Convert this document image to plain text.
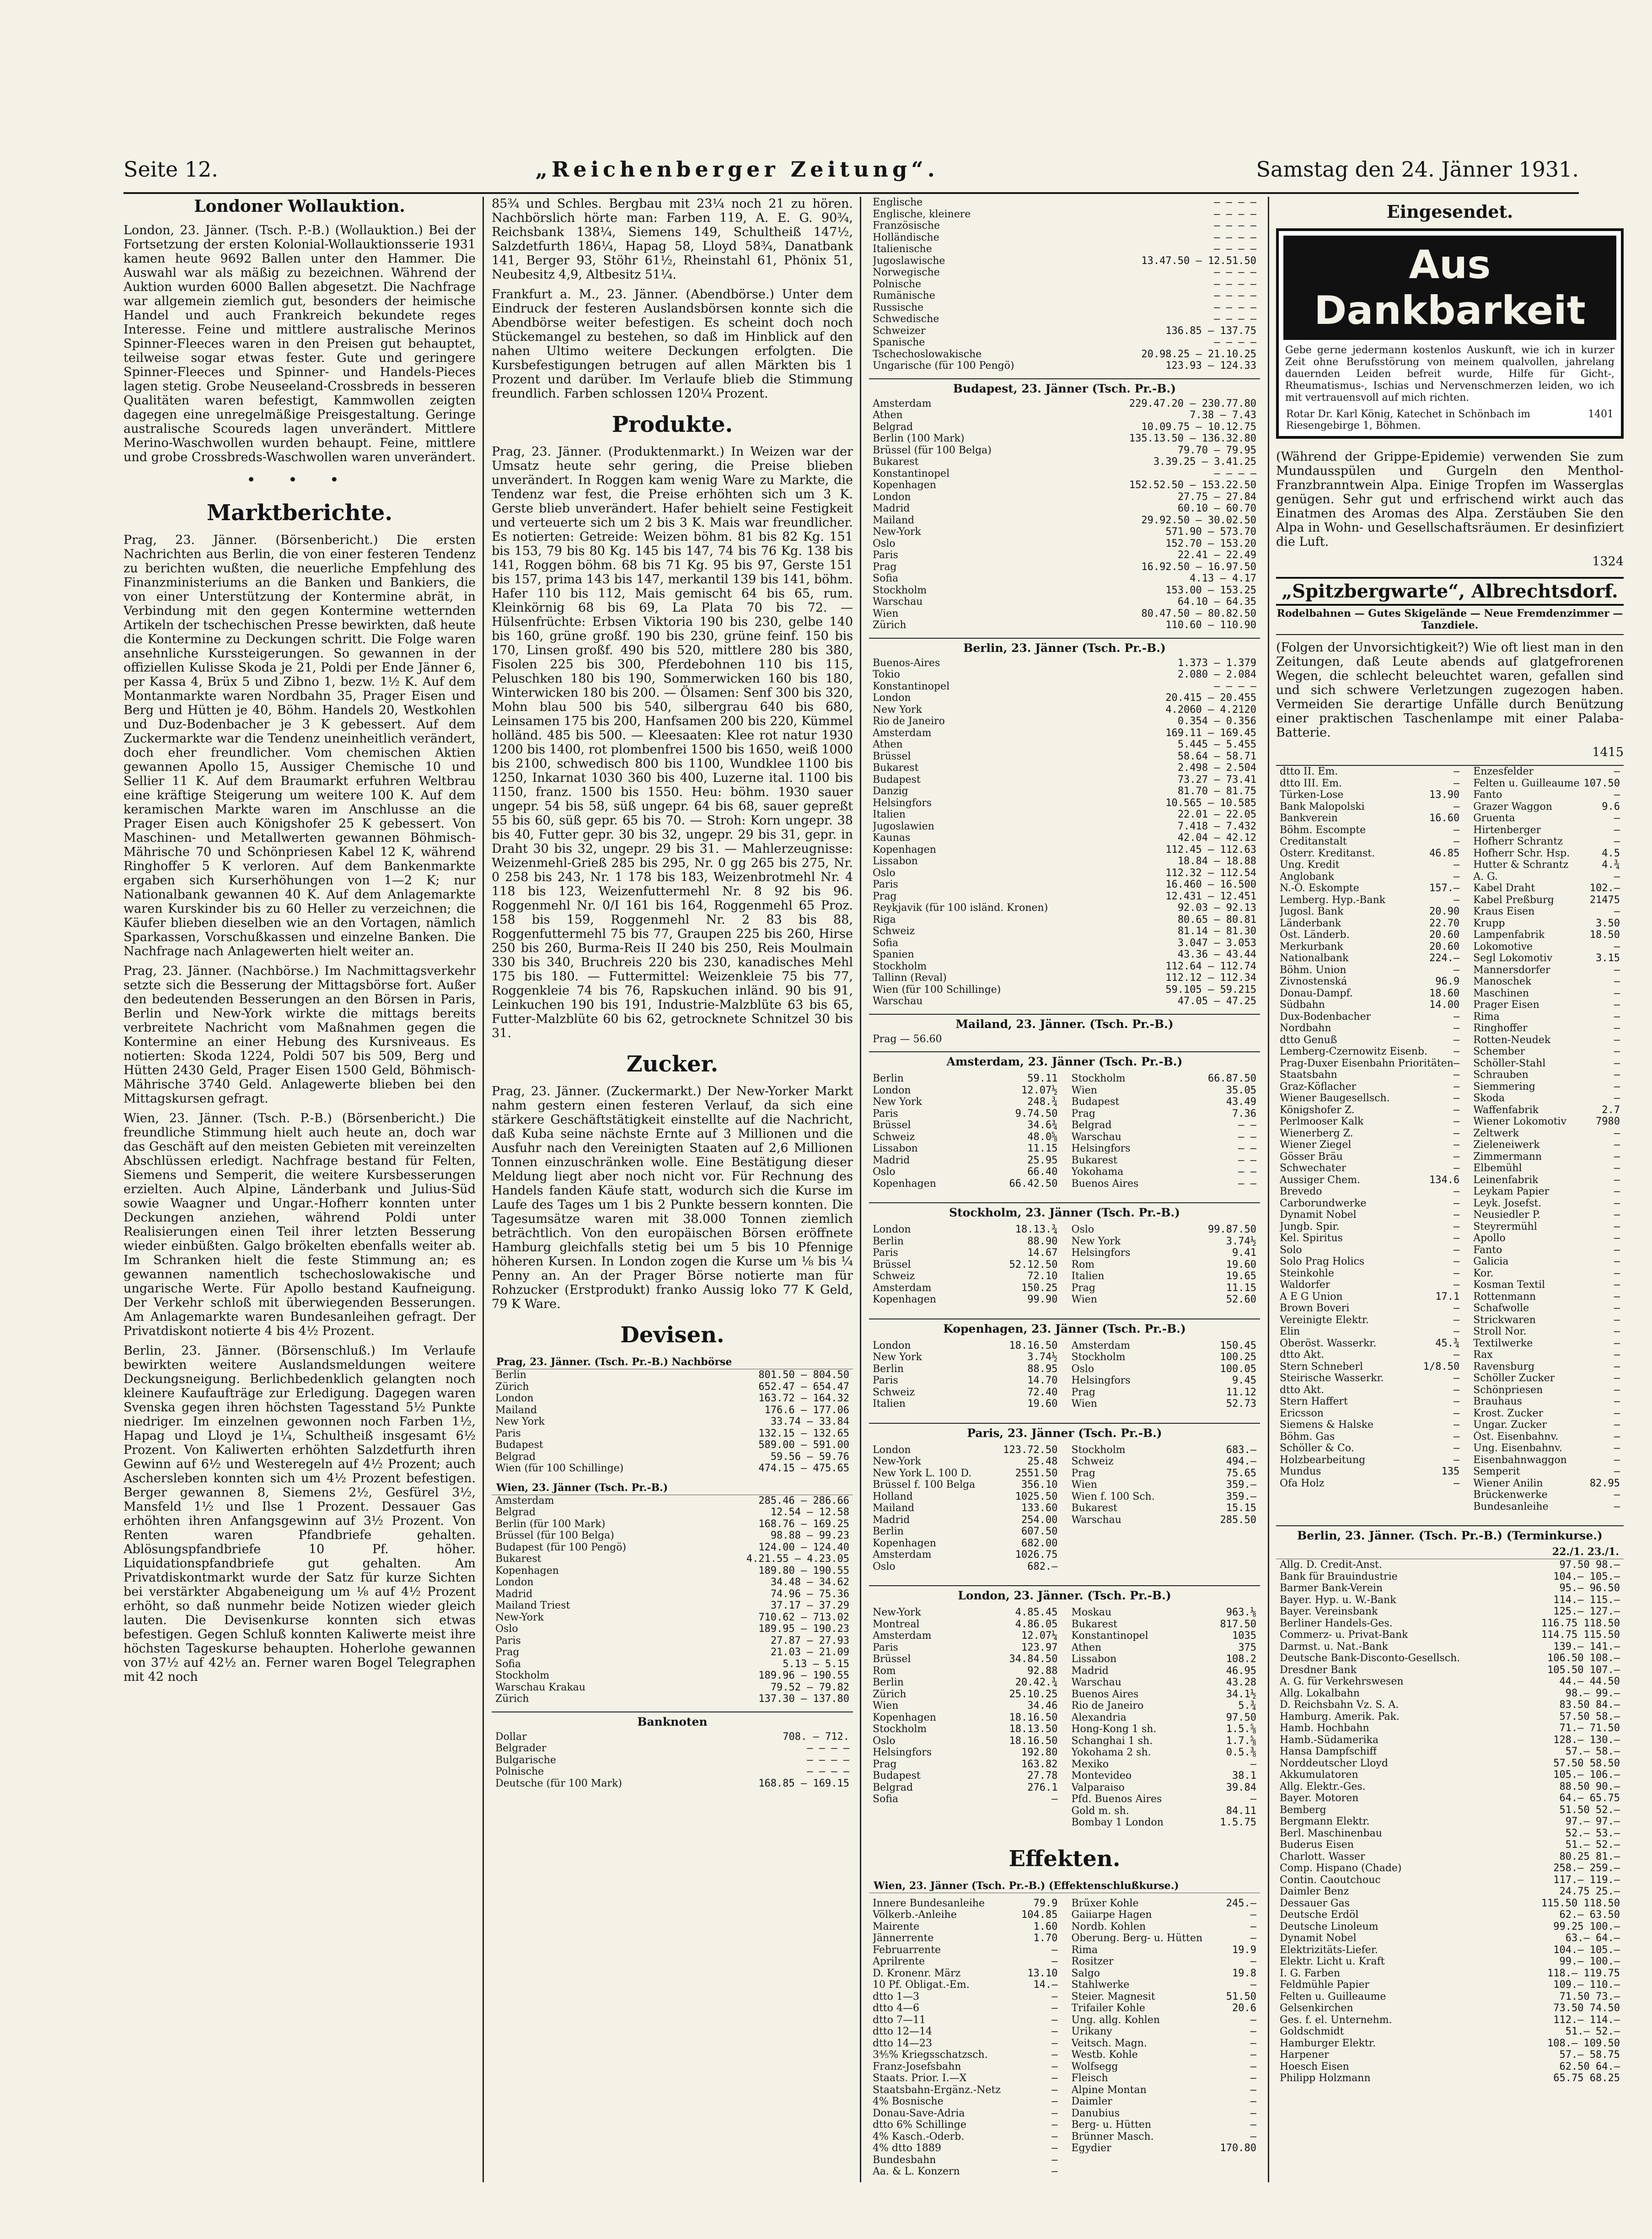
Seite 12.	„Reichenberger Zeitung“.	Samstag den 24. Jänner 1931.
Londoner Wollauktion.

London, 23. Jänner. (Tsch. P.-B.) (Wollauktion.) Bei der Fortsetzung der ersten Kolonial-Wollauktionsserie 1931 kamen heute 9692 Ballen unter den Hammer. Die Auswahl war als mäßig zu bezeichnen. Während der Auktion wurden 6000 Ballen abgesetzt. Die Nachfrage war allgemein ziemlich gut, besonders der heimische Handel und auch Frankreich bekundete reges Interesse. Feine und mittlere australische Merinos Spinner-Fleeces waren in den Preisen gut behauptet, teilweise sogar etwas fester. Gute und geringere Spinner-Fleeces und Spinner- und Handels-Pieces lagen stetig. Grobe Neuseeland-Crossbreds in besseren Qualitäten waren befestigt, Kammwollen zeigten dagegen eine unregelmäßige Preisgestaltung. Geringe australische Scoureds lagen unverändert. Mittlere Merino-Waschwollen wurden behaupt. Feine, mittlere und grobe Crossbreds-Waschwollen waren unverändert.

• • •
Marktberichte.

Prag, 23. Jänner. (Börsenbericht.) Die ersten Nachrichten aus Berlin, die von einer festeren Tendenz zu berichten wußten, die neuerliche Empfehlung des Finanzministeriums an die Banken und Bankiers, die von einer Unterstützung der Kontermine abrät, in Verbindung mit den gegen Kontermine wetternden Artikeln der tschechischen Presse bewirkten, daß heute die Kontermine zu Deckungen schritt. Die Folge waren ansehnliche Kurssteigerungen. So gewannen in der offiziellen Kulisse Skoda je 21, Poldi per Ende Jänner 6, per Kassa 4, Brüx 5 und Zibno 1, bezw. 1½ K. Auf dem Montanmarkte waren Nordbahn 35, Prager Eisen und Berg und Hütten je 40, Böhm. Handels 20, Westkohlen und Duz-Bodenbacher je 3 K gebessert. Auf dem Zuckermarkte war die Tendenz uneinheitlich verändert, doch eher freundlicher. Vom chemischen Aktien gewannen Apollo 15, Aussiger Chemische 10 und Sellier 11 K. Auf dem Braumarkt erfuhren Weltbrau eine kräftige Steigerung um weitere 100 K. Auf dem keramischen Markte waren im Anschlusse an die Prager Eisen auch Königshofer 25 K gebessert. Von Maschinen- und Metallwerten gewannen Böhmisch-Mährische 70 und Schönpriesen Kabel 12 K, während Ringhoffer 5 K verloren. Auf dem Bankenmarkte ergaben sich Kurserhöhungen von 1—2 K; nur Nationalbank gewannen 40 K. Auf dem Anlagemarkte waren Kurskinder bis zu 60 Heller zu verzeichnen; die Käufer blieben dieselben wie an den Vortagen, nämlich Sparkassen, Vorschußkassen und einzelne Banken. Die Nachfrage nach Anlagewerten hielt weiter an.

Prag, 23. Jänner. (Nachbörse.) Im Nachmittagsverkehr setzte sich die Besserung der Mittagsbörse fort. Außer den bedeutenden Besserungen an den Börsen in Paris, Berlin und New-York wirkte die mittags bereits verbreitete Nachricht vom Maßnahmen gegen die Kontermine an einer Hebung des Kursniveaus. Es notierten: Skoda 1224, Poldi 507 bis 509, Berg und Hütten 2430 Geld, Prager Eisen 1500 Geld, Böhmisch-Mährische 3740 Geld. Anlagewerte blieben bei den Mittagskursen gefragt.

Wien, 23. Jänner. (Tsch. P.-B.) (Börsenbericht.) Die freundliche Stimmung hielt auch heute an, doch war das Geschäft auf den meisten Gebieten mit vereinzelten Abschlüssen erledigt. Nachfrage bestand für Felten, Siemens und Semperit, die weitere Kursbesserungen erzielten. Auch Alpine, Länderbank und Julius-Süd sowie Waagner und Ungar.-Hofherr konnten unter Deckungen anziehen, während Poldi unter Realisierungen einen Teil ihrer letzten Besserung wieder einbüßten. Galgo brökelten ebenfalls weiter ab. Im Schranken hielt die feste Stimmung an; es gewannen namentlich tschechoslowakische und ungarische Werte. Für Apollo bestand Kaufneigung. Der Verkehr schloß mit überwiegenden Besserungen. Am Anlagemarkte waren Bundesanleihen gefragt. Der Privatdiskont notierte 4 bis 4½ Prozent.

Berlin, 23. Jänner. (Börsenschluß.) Im Verlaufe bewirkten weitere Auslandsmeldungen weitere Deckungsneigung. Berlichbedenklich gelangten noch kleinere Kaufaufträge zur Erledigung. Dagegen waren Svenska gegen ihren höchsten Tagesstand 5½ Punkte niedriger. Im einzelnen gewonnen noch Farben 1½, Hapag und Lloyd je 1¼, Schultheiß insgesamt 6½ Prozent. Von Kaliwerten erhöhten Salzdetfurth ihren Gewinn auf 6½ und Westeregeln auf 4½ Prozent; auch Aschersleben konnten sich um 4½ Prozent befestigen. Berger gewannen 8, Siemens 2½, Gesfürel 3½, Mansfeld 1½ und Ilse 1 Prozent. Dessauer Gas erhöhten ihren Anfangsgewinn auf 3½ Prozent. Von Renten waren Pfandbriefe gehalten. Ablösungspfandbriefe 10 Pf. höher. Liquidationspfandbriefe gut gehalten. Am Privatdiskontmarkt wurde der Satz für kurze Sichten bei verstärkter Abgabeneigung um ⅛ auf 4½ Prozent erhöht, so daß nunmehr beide Notizen wieder gleich lauten. Die Devisenkurse konnten sich etwas befestigen. Gegen Schluß konnten Kaliwerte meist ihre höchsten Tageskurse behaupten. Hoherlohe gewannen von 37½ auf 42½ an. Ferner waren Bogel Telegraphen mit 42 noch

85¾ und Schles. Bergbau mit 23¼ noch 21 zu hören. Nachbörslich hörte man: Farben 119, A. E. G. 90¾, Reichsbank 138¼, Siemens 149, Schultheiß 147½, Salzdetfurth 186¼, Hapag 58, Lloyd 58¾, Danatbank 141, Berger 93, Stöhr 61½, Rheinstahl 61, Phönix 51, Neubesitz 4,9, Altbesitz 51¼.

Frankfurt a. M., 23. Jänner. (Abendbörse.) Unter dem Eindruck der festeren Auslandsbörsen konnte sich die Abendbörse weiter befestigen. Es scheint doch noch Stückemangel zu bestehen, so daß im Hinblick auf den nahen Ultimo weitere Deckungen erfolgten. Die Kursbefestigungen betrugen auf allen Märkten bis 1 Prozent und darüber. Im Verlaufe blieb die Stimmung freundlich. Farben schlossen 120¼ Prozent.

Produkte.

Prag, 23. Jänner. (Produktenmarkt.) In Weizen war der Umsatz heute sehr gering, die Preise blieben unverändert. In Roggen kam wenig Ware zu Markte, die Tendenz war fest, die Preise erhöhten sich um 3 K. Gerste blieb unverändert. Hafer behielt seine Festigkeit und verteuerte sich um 2 bis 3 K. Mais war freundlicher. Es notierten: Getreide: Weizen böhm. 81 bis 82 Kg. 151 bis 153, 79 bis 80 Kg. 145 bis 147, 74 bis 76 Kg. 138 bis 141, Roggen böhm. 68 bis 71 Kg. 95 bis 97, Gerste 151 bis 157, prima 143 bis 147, merkantil 139 bis 141, böhm. Hafer 110 bis 112, Mais gemischt 64 bis 65, rum. Kleinkörnig 68 bis 69, La Plata 70 bis 72. — Hülsenfrüchte: Erbsen Viktoria 190 bis 230, gelbe 140 bis 160, grüne großf. 190 bis 230, grüne feinf. 150 bis 170, Linsen großf. 490 bis 520, mittlere 280 bis 380, Fisolen 225 bis 300, Pferdebohnen 110 bis 115, Peluschken 180 bis 190, Sommerwicken 160 bis 180, Winterwicken 180 bis 200. — Ölsamen: Senf 300 bis 320, Mohn blau 500 bis 540, silbergrau 640 bis 680, Leinsamen 175 bis 200, Hanfsamen 200 bis 220, Kümmel holländ. 485 bis 500. — Kleesaaten: Klee rot natur 1930 1200 bis 1400, rot plombenfrei 1500 bis 1650, weiß 1000 bis 2100, schwedisch 800 bis 1100, Wundklee 1100 bis 1250, Inkarnat 1030 360 bis 400, Luzerne ital. 1100 bis 1150, franz. 1500 bis 1550. Heu: böhm. 1930 sauer ungepr. 54 bis 58, süß ungepr. 64 bis 68, sauer gepreßt 55 bis 60, süß gepr. 65 bis 70. — Stroh: Korn ungepr. 38 bis 40, Futter gepr. 30 bis 32, ungepr. 29 bis 31, gepr. in Draht 30 bis 32, ungepr. 29 bis 31. — Mahlerzeugnisse: Weizenmehl-Grieß 285 bis 295, Nr. 0 gg 265 bis 275, Nr. 0 258 bis 243, Nr. 1 178 bis 183, Weizenbrotmehl Nr. 4 118 bis 123, Weizenfuttermehl Nr. 8 92 bis 96. Roggenmehl Nr. 0/I 161 bis 164, Roggenmehl 65 Proz. 158 bis 159, Roggenmehl Nr. 2 83 bis 88, Roggenfuttermehl 75 bis 77, Graupen 225 bis 260, Hirse 250 bis 260, Burma-Reis II 240 bis 250, Reis Moulmain 330 bis 340, Bruchreis 220 bis 230, kanadisches Mehl 175 bis 180. — Futtermittel: Weizenkleie 75 bis 77, Roggenkleie 74 bis 76, Rapskuchen inländ. 90 bis 91, Leinkuchen 190 bis 191, Industrie-Malzblüte 63 bis 65, Futter-Malzblüte 60 bis 62, getrocknete Schnitzel 30 bis 31.

Zucker.

Prag, 23. Jänner. (Zuckermarkt.) Der New-Yorker Markt nahm gestern einen festeren Verlauf, da sich eine stärkere Geschäftstätigkeit einstellte auf die Nachricht, daß Kuba seine nächste Ernte auf 3 Millionen und die Ausfuhr nach den Vereinigten Staaten auf 2,6 Millionen Tonnen einzuschränken wolle. Eine Bestätigung dieser Meldung liegt aber noch nicht vor. Für Rechnung des Handels fanden Käufe statt, wodurch sich die Kurse im Laufe des Tages um 1 bis 2 Punkte bessern konnten. Die Tagesumsätze waren mit 38.000 Tonnen ziemlich beträchtlich. Von den europäischen Börsen eröffnete Hamburg gleichfalls stetig bei um 5 bis 10 Pfennige höheren Kursen. In London zogen die Kurse um ⅛ bis ¼ Penny an. An der Prager Börse notierte man für Rohzucker (Erstprodukt) franko Aussig loko 77 K Geld, 79 K Ware.

Devisen.
Prag, 23. Jänner. (Tsch. Pr.-B.) Nachbörse
Berlin	801.50 — 804.50
Zürich	652.47 — 654.47
London	163.72 — 164.32
Mailand	176.6 — 177.06
New York	33.74 — 33.84
Paris	132.15 — 132.65
Budapest	589.00 — 591.00
Belgrad	59.56 — 59.76
Wien (für 100 Schillinge)	474.15 — 475.65
Wien, 23. Jänner (Tsch. Pr.-B.)
Amsterdam	285.46 — 286.66
Belgrad	12.54 — 12.58
Berlin (für 100 Mark)	168.76 — 169.25
Brüssel (für 100 Belga)	98.88 — 99.23
Budapest (für 100 Pengö)	124.00 — 124.40
Bukarest	4.21.55 — 4.23.05
Kopenhagen	189.80 — 190.55
London	34.48 — 34.62
Madrid	74.96 — 75.36
Mailand Triest	37.17 — 37.29
New-York	710.62 — 713.02
Oslo	189.95 — 190.23
Paris	27.87 — 27.93
Prag	21.03 — 21.09
Sofia	5.13 — 5.15
Stockholm	189.96 — 190.55
Warschau Krakau	79.52 — 79.82
Zürich	137.30 — 137.80
Banknoten
Dollar	708. — 712.
Belgrader	— — — —
Bulgarische	— — — —
Polnische	— — — —
Deutsche (für 100 Mark)	168.85 — 169.15
Englische	— — — —
Englische, kleinere	— — — —
Französische	— — — —
Holländische	— — — —
Italienische	— — — —
Jugoslawische	13.47.50 — 12.51.50
Norwegische	— — — —
Polnische	— — — —
Rumänische	— — — —
Russische	— — — —
Schwedische	— — — —
Schweizer	136.85 — 137.75
Spanische	— — — —
Tschechoslowakische	20.98.25 — 21.10.25
Ungarische (für 100 Pengö)	123.93 — 124.33
Budapest, 23. Jänner (Tsch. Pr.-B.)
Amsterdam	229.47.20 — 230.77.80
Athen	7.38 — 7.43
Belgrad	10.09.75 — 10.12.75
Berlin (100 Mark)	135.13.50 — 136.32.80
Brüssel (für 100 Belga)	79.70 — 79.95
Bukarest	3.39.25 — 3.41.25
Konstantinopel	— — — —
Kopenhagen	152.52.50 — 153.22.50
London	27.75 — 27.84
Madrid	60.10 — 60.70
Mailand	29.92.50 — 30.02.50
New-York	571.90 — 573.70
Oslo	152.70 — 153.20
Paris	22.41 — 22.49
Prag	16.92.50 — 16.97.50
Sofia	4.13 — 4.17
Stockholm	153.00 — 153.25
Warschau	64.10 — 64.35
Wien	80.47.50 — 80.82.50
Zürich	110.60 — 110.90
Berlin, 23. Jänner (Tsch. Pr.-B.)
Buenos-Aires	1.373 — 1.379
Tokio	2.080 — 2.084
Konstantinopel	— — — —
London	20.415 — 20.455
New York	4.2060 — 4.2120
Rio de Janeiro	0.354 — 0.356
Amsterdam	169.11 — 169.45
Athen	5.445 — 5.455
Brüssel	58.64 — 58.71
Bukarest	2.498 — 2.504
Budapest	73.27 — 73.41
Danzig	81.70 — 81.75
Helsingfors	10.565 — 10.585
Italien	22.01 — 22.05
Jugoslawien	7.418 — 7.432
Kaunas	42.04 — 42.12
Kopenhagen	112.45 — 112.63
Lissabon	18.84 — 18.88
Oslo	112.32 — 112.54
Paris	16.460 — 16.500
Prag	12.431 — 12.451
Reykjavik (für 100 isländ. Kronen)	92.03 — 92.13
Riga	80.65 — 80.81
Schweiz	81.14 — 81.30
Sofia	3.047 — 3.053
Spanien	43.36 — 43.44
Stockholm	112.64 — 112.74
Tallinn (Reval)	112.12 — 112.34
Wien (für 100 Schillinge)	59.105 — 59.215
Warschau	47.05 — 47.25
Mailand, 23. Jänner. (Tsch. Pr.-B.)
Prag — 56.60
Amsterdam, 23. Jänner (Tsch. Pr.-B.)
Berlin	59.11
London	12.07½
New York	248.¾
Paris	9.74.50
Brüssel	34.6¾
Schweiz	48.0⅝
Lissabon	11.15
Madrid	25.95
Oslo	66.40
Kopenhagen	66.42.50
Stockholm	66.87.50
Wien	35.05
Budapest	43.49
Prag	7.36
Belgrad	— —
Warschau	— —
Helsingfors	— —
Bukarest	— —
Yokohama	— —
Buenos Aires	— —
Stockholm, 23. Jänner (Tsch. Pr.-B.)
London	18.13.¾
Berlin	88.90
Paris	14.67
Brüssel	52.12.50
Schweiz	72.10
Amsterdam	150.25
Kopenhagen	99.90
Oslo	99.87.50
New York	3.74½
Helsingfors	9.41
Rom	19.60
Italien	19.65
Prag	11.15
Wien	52.60
Kopenhagen, 23. Jänner (Tsch. Pr.-B.)
London	18.16.50
New York	3.74½
Berlin	88.95
Paris	14.70
Schweiz	72.40
Italien	19.60
Amsterdam	150.45
Stockholm	100.25
Oslo	100.05
Helsingfors	9.45
Prag	11.12
Wien	52.73
Paris, 23. Jänner (Tsch. Pr.-B.)
London	123.72.50
New-York	25.48
New York L. 100 D.	2551.50
Brüssel f. 100 Belga	356.10
Holland	1025.50
Mailand	133.60
Madrid	254.00
Berlin	607.50
Kopenhagen	682.00
Amsterdam	1026.75
Oslo	682.—
Stockholm	683.—
Schweiz	494.—
Prag	75.65
Wien	359.—
Wien f. 100 Sch.	359.—
Bukarest	15.15
Warschau	285.50
London, 23. Jänner. (Tsch. Pr.-B.)
New-York	4.85.45
Montreal	4.86.05
Amsterdam	12.07¼
Paris	123.97
Brüssel	34.84.50
Rom	92.88
Berlin	20.42.¾
Zürich	25.10.25
Wien	34.46
Kopenhagen	18.16.50
Stockholm	18.13.50
Oslo	18.16.50
Helsingfors	192.80
Prag	163.82
Budapest	27.78
Belgrad	276.1
Sofia	—
Moskau	963.⅛
Bukarest	817.50
Konstantinopel	1035
Athen	375
Lissabon	108.2
Madrid	46.95
Warschau	43.28
Buenos Aires	34.1½
Rio de Janeiro	5.¾
Alexandria	97.50
Hong-Kong 1 sh.	1.5.⅝
Schanghai 1 sh.	1.7.⅝
Yokohama 2 sh.	0.5.⅜
Mexiko	—
Montevideo	38.1
Valparaiso	39.84
Pfd. Buenos Aires	—
Gold m. sh.	84.11
Bombay 1 London	1.5.75
Effekten.
Wien, 23. Jänner (Tsch. Pr.-B.) (Effektenschlußkurse.)
Innere Bundesanleihe	79.9
Völkerb.-Anleihe	104.85
Mairente	1.60
Jännerrente	1.70
Februarrente	—
Aprilrente	—
D. Kronenr. März	13.10
10 Pf. Obligat.-Em.	14.—
dtto 1—3	—
dtto 4—6	—
dtto 7—11	—
dtto 12—14	—
dtto 14—23	—
3⅘% Kriegsschatzsch.	—
Franz-Josefsbahn	—
Staats. Prior. I.—X	—
Staatsbahn-Ergänz.-Netz	—
4% Bosnische	—
Donau-Save-Adria	—
dtto 6% Schillinge	—
4% Kasch.-Oderb.	—
4% dtto 1889	—
Bundesbahn	—
Aa. & L. Konzern	—
Brüxer Kohle	245.—
Gaiiarpe Hagen	—
Nordb. Kohlen	—
Oberung. Berg- u. Hütten	—
Rima	19.9
Rositzer	—
Salgo	19.8
Stahlwerke	—
Steier. Magnesit	51.50
Trifailer Kohle	20.6
Ung. allg. Kohlen	—
Urikany	—
Veitsch. Magn.	—
Westb. Kohle	—
Wolfsegg	—
Fleisch	—
Alpine Montan	—
Daimler	—
Danubius	—
Berg- u. Hütten	—
Brünner Masch.	—
Egydier	170.80
Eingesendet.
Aus Dankbarkeit

Gebe gerne jedermann kostenlos Auskunft, wie ich in kurzer Zeit ohne Berufsstörung von meinem qualvollen, jahrelang dauernden Leiden befreit wurde, Hilfe für Gicht-, Rheumatismus-, Ischias und Nervenschmerzen leiden, wo ich mit vertrauensvoll auf mich richten.

Rotar Dr. Karl König, Katechet in Schönbach im Riesengebirge 1, Böhmen.
1401

(Während der Grippe-Epidemie) verwenden Sie zum Mundausspülen und Gurgeln den Menthol-Franzbranntwein Alpa. Einige Tropfen im Wasserglas genügen. Sehr gut und erfrischend wirkt auch das Einatmen des Aromas des Alpa. Zerstäuben Sie den Alpa in Wohn- und Gesellschaftsräumen. Er desinfiziert die Luft.

1324

„Spitzbergwarte“, Albrechtsdorf.
Rodelbahnen — Gutes Skigelände — Neue Fremdenzimmer — Tanzdiele.

(Folgen der Unvorsichtigkeit?) Wie oft liest man in den Zeitungen, daß Leute abends auf glatgefrorenen Wegen, die schlecht beleuchtet waren, gefallen sind und sich schwere Verletzungen zugezogen haben. Vermeiden Sie derartige Unfälle durch Benützung einer praktischen Taschenlampe mit einer Palaba-Batterie.

1415

dtto II. Em.	—
dtto III. Em.	—
Türken-Lose	13.90
Bank Malopolski	—
Bankverein	16.60
Böhm. Escompte	—
Creditanstalt	—
Österr. Kreditanst.	46.85
Ung. Kredit	—
Anglobank	—
N.-Ö. Eskompte	157.—
Lemberg. Hyp.-Bank	—
Jugosl. Bank	20.90
Länderbank	22.70
Öst. Länderb.	20.60
Merkurbank	20.60
Nationalbank	224.—
Böhm. Union	—
Zivnostenská	96.9
Donau-Dampf.	18.60
Südbahn	14.00
Dux-Bodenbacher	—
Nordbahn	—
dtto Genuß	—
Lemberg-Czernowitz Eisenb.	—
Prag-Duxer Eisenbahn Prioritäten —
Staatsbahn	—
Graz-Köflacher	—
Wiener Baugesellsch.	—
Königshofer Z.	—
Perlmooser Kalk	—
Wienerberg Z.	—
Wiener Ziegel	—
Gösser Bräu	—
Schwechater	—
Aussiger Chem.	134.6
Brevedo	—
Carborundwerke	—
Dynamit Nobel	—
Jungb. Spir.	—
Kel. Spiritus	—
Solo	—
Solo Prag Holics	—
Steinkohle	—
Waldorfer	—
A E G Union	17.1
Brown Boveri	—
Vereinigte Elektr.	—
Elin	—
Oberöst. Wasserkr.	45.¾
dtto Akt.	—
Stern Schneberl	1/8.50
Steirische Wasserkr.	—
dtto Akt.	—
Stern Haffert	—
Ericsson	—
Siemens & Halske	—
Böhm. Gas	—
Schöller & Co.	—
Holzbearbeitung	—
Mundus	135
Ofa Holz	—
Enzesfelder	—
Felten u. Guilleaume 107.50
Fanto	—
Grazer Waggon	9.6
Gruenta	—
Hirtenberger	—
Hofherr Schrantz	—
Hofherr Schr. Hsp.	4.5
Hutter & Schrantz	4.¾
A. G.	—
Kabel Draht	102.—
Kabel Preßburg	21475
Kraus Eisen	—
Krupp	3.50
Lampenfabrik	18.50
Lokomotive	—
Segl Lokomotiv	3.15
Mannersdorfer	—
Manoschek	—
Maschinen	—
Prager Eisen	—
Rima	—
Ringhoffer	—
Rotten-Neudek	—
Schember	—
Schöller-Stahl	—
Schrauben	—
Siemmering	—
Skoda	—
Waffenfabrik	2.7
Wiener Lokomotiv	7980
Zeltwerk	—
Zieleneiwerk	—
Zimmermann	—
Elbemühl	—
Leinenfabrik	—
Leykam Papier	—
Leyk. Josefst.	—
Neusiedler P.	—
Steyrermühl	—
Apollo	—
Fanto	—
Galicia	—
Kor.	—
Kosman Textil	—
Rottenmann	—
Schafwolle	—
Strickwaren	—
Stroll Nor.	—
Textilwerke	—
Rax	—
Ravensburg	—
Schöller Zucker	—
Schönpriesen	—
Brauhaus	—
Krost. Zucker	—
Ungar. Zucker	—
Öst. Eisenbahnv.	—
Ung. Eisenbahnv.	—
Eisenbahnwaggon	—
Semperit	—
Wiener Anilin	82.95
Brückenwerke	—
Bundesanleihe	—
Berlin, 23. Jänner. (Tsch. Pr.-B.) (Terminkurse.)
22./1. 23./1.
Allg. D. Credit-Anst.	97.50 98.—
Bank für Brauindustrie	104.— 105.—
Barmer Bank-Verein	95.— 96.50
Bayer. Hyp. u. W.-Bank	114.— 115.—
Bayer. Vereinsbank	125.— 127.—
Berliner Handels-Ges.	116.75 118.50
Commerz- u. Privat-Bank	114.75 115.50
Darmst. u. Nat.-Bank	139.— 141.—
Deutsche Bank-Disconto-Gesellsch.	106.50 108.—
Dresdner Bank	105.50 107.—
A. G. für Verkehrswesen	44.— 44.50
Allg. Lokalbahn	98.— 99.—
D. Reichsbahn Vz. S. A.	83.50 84.—
Hamburg. Amerik. Pak.	57.50 58.—
Hamb. Hochbahn	71.— 71.50
Hamb.-Südamerika	128.— 130.—
Hansa Dampfschiff	57.— 58.—
Norddeutscher Lloyd	57.50 58.50
Akkumulatoren	105.— 106.—
Allg. Elektr.-Ges.	88.50 90.—
Bayer. Motoren	64.— 65.75
Bemberg	51.50 52.—
Bergmann Elektr.	97.— 97.—
Berl. Maschinenbau	52.— 53.—
Buderus Eisen	51.— 52.—
Charlott. Wasser	80.25 81.—
Comp. Hispano (Chade)	258.— 259.—
Contin. Caoutchouc	117.— 119.—
Daimler Benz	24.75 25.—
Dessauer Gas	115.50 118.50
Deutsche Erdöl	62.— 63.50
Deutsche Linoleum	99.25 100.—
Dynamit Nobel	63.— 64.—
Elektrizitäts-Liefer.	104.— 105.—
Elektr. Licht u. Kraft	99.— 100.—
I. G. Farben	118.— 119.75
Feldmühle Papier	109.— 110.—
Felten u. Guilleaume	71.50 73.—
Gelsenkirchen	73.50 74.50
Ges. f. el. Unternehm.	112.— 114.—
Goldschmidt	51.— 52.—
Hamburger Elektr.	108.— 109.50
Harpener	57.— 58.75
Hoesch Eisen	62.50 64.—
Philipp Holzmann	65.75 68.25
